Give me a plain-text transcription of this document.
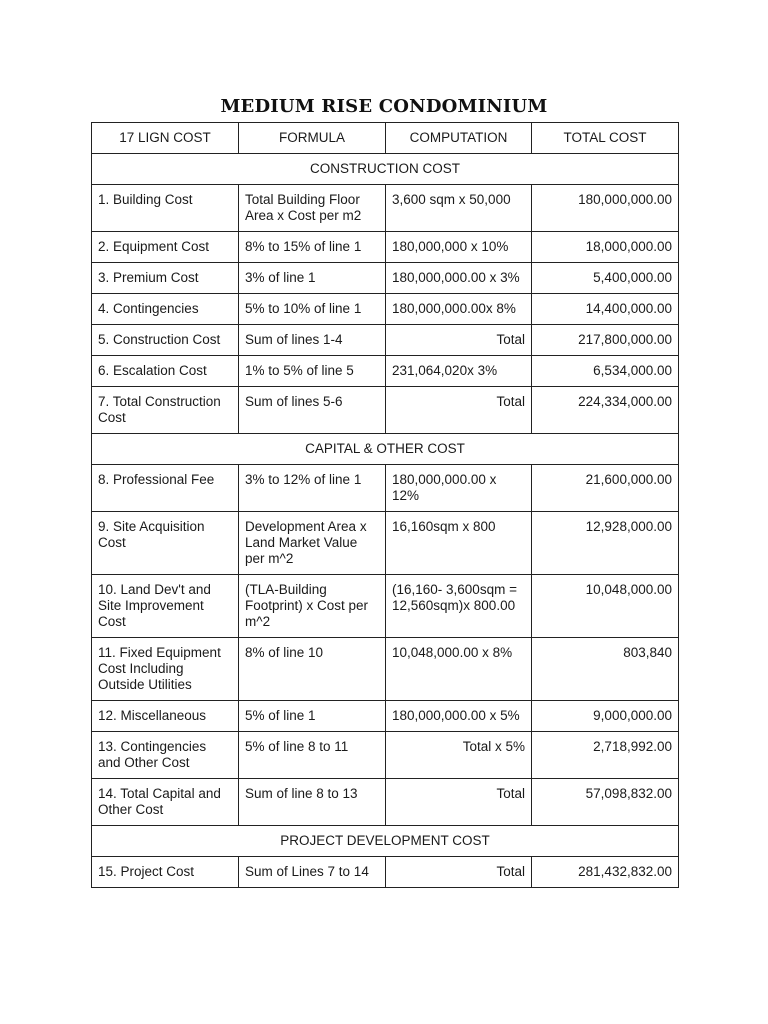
MEDIUM RISE CONDOMINIUM
17 LIGN COST	FORMULA	COMPUTATION	TOTAL COST
CONSTRUCTION COST			
1. Building Cost	Total Building Floor Area x Cost per m2	3,600 sqm x 50,000	180,000,000.00
2. Equipment Cost	8% to 15% of line 1	180,000,000 x 10%	18,000,000.00
3. Premium Cost	3% of line 1	180,000,000.00 x 3%	5,400,000.00
4. Contingencies	5% to 10% of line 1	180,000,000.00x 8%	14,400,000.00
5. Construction Cost	Sum of lines 1-4	Total	217,800,000.00
6. Escalation Cost	1% to 5% of line 5	231,064,020x 3%	6,534,000.00
7. Total Construction Cost	Sum of lines 5-6	Total	224,334,000.00
CAPITAL & OTHER COST			
8. Professional Fee	3% to 12% of line 1	180,000,000.00 x 12%	21,600,000.00
9. Site Acquisition Cost	Development Area x Land Market Value per m^2	16,160sqm x 800	12,928,000.00
10. Land Dev't and Site Improvement Cost	(TLA-Building Footprint) x Cost per m^2	(16,160- 3,600sqm = 12,560sqm)x 800.00	10,048,000.00
11. Fixed Equipment Cost Including Outside Utilities	8% of line 10	10,048,000.00 x 8%	803,840
12. Miscellaneous	5% of line 1	180,000,000.00 x 5%	9,000,000.00
13. Contingencies and Other Cost	5% of line 8 to 11	Total x 5%	2,718,992.00
14. Total Capital and Other Cost	Sum of line 8 to 13	Total	57,098,832.00
PROJECT DEVELOPMENT COST			
15. Project Cost	Sum of Lines 7 to 14	Total	281,432,832.00
